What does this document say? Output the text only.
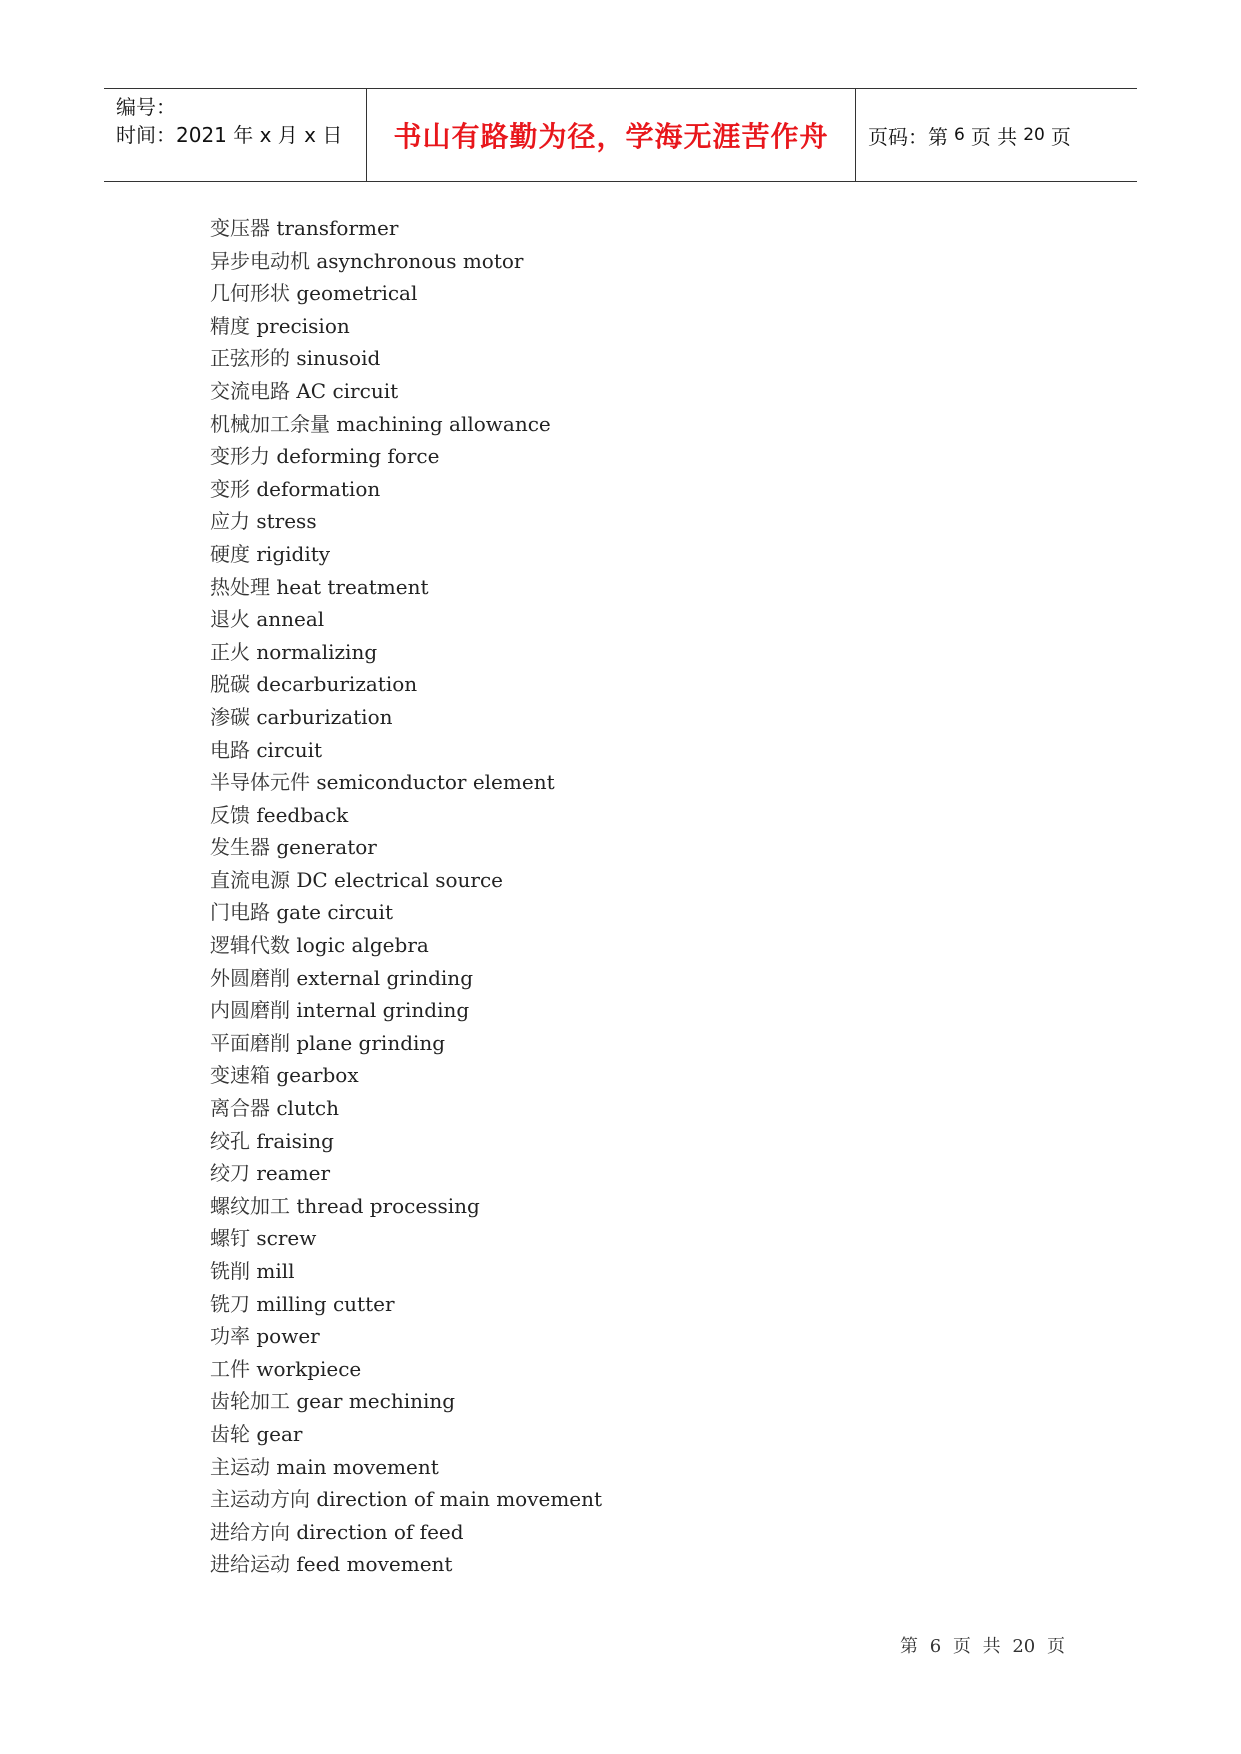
编号：
时间：2021 年 x 月 x 日	书山有路勤为径，学海无涯苦作舟	页码：第 6 页 共 20 页
变压器 transformer
异步电动机 asynchronous motor
几何形状 geometrical
精度 precision
正弦形的 sinusoid
交流电路 AC circuit
机械加工余量 machining allowance
变形力 deforming force
变形 deformation
应力 stress
硬度 rigidity
热处理 heat treatment
退火 anneal
正火 normalizing
脱碳 decarburization
渗碳 carburization
电路 circuit
半导体元件 semiconductor element
反馈 feedback
发生器 generator
直流电源 DC electrical source
门电路 gate circuit
逻辑代数 logic algebra
外圆磨削 external grinding
内圆磨削 internal grinding
平面磨削 plane grinding
变速箱 gearbox
离合器 clutch
绞孔 fraising
绞刀 reamer
螺纹加工 thread processing
螺钉 screw
铣削 mill
铣刀 milling cutter
功率 power
工件 workpiece
齿轮加工 gear mechining
齿轮 gear
主运动 main movement
主运动方向 direction of main movement
进给方向 direction of feed
进给运动 feed movement
第 6 页 共 20 页
